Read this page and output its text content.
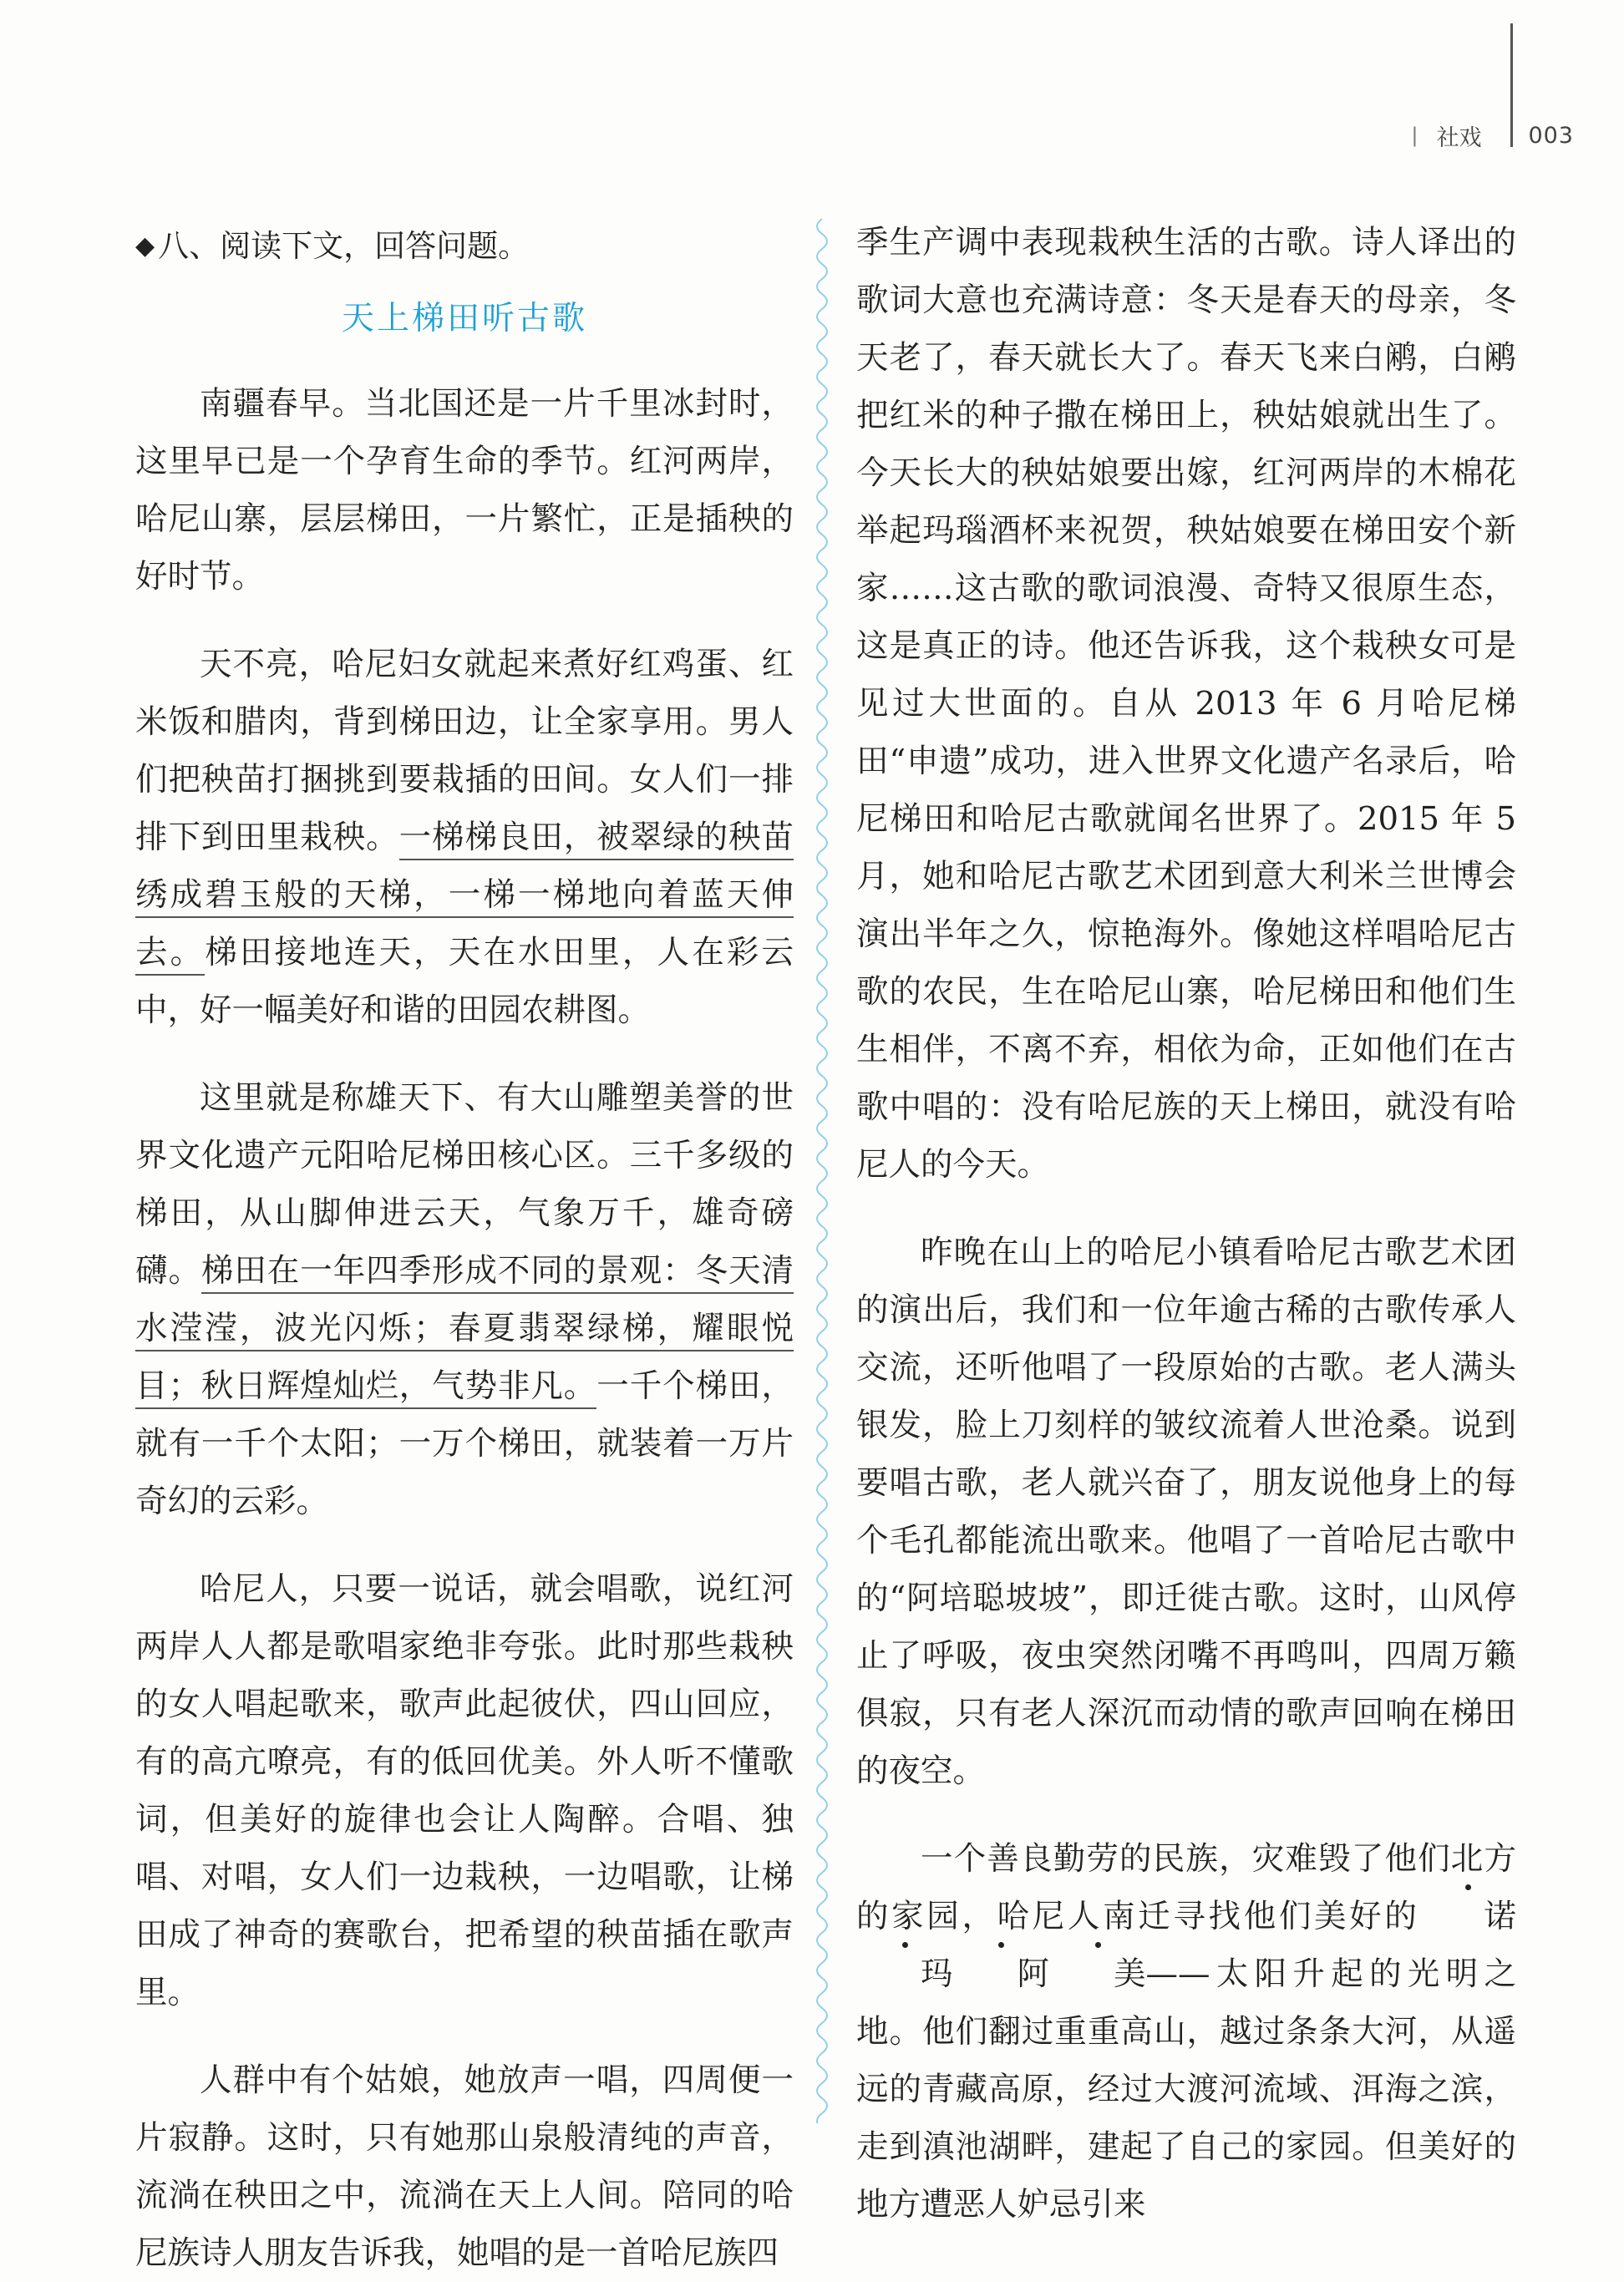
| 社戏 003
◆ 八、阅读下文，回答问题。
天上梯田听古歌

南疆春早。当北国还是一片千里冰封时，这里早已是一个孕育生命的季节。红河两岸，哈尼山寨，层层梯田，一片繁忙，正是插秧的好时节。

天不亮，哈尼妇女就起来煮好红鸡蛋、红米饭和腊肉，背到梯田边，让全家享用。男人们把秧苗打捆挑到要栽插的田间。女人们一排排下到田里栽秧。一梯梯良田，被翠绿的秧苗绣成碧玉般的天梯，一梯一梯地向着蓝天伸去。梯田接地连天，天在水田里，人在彩云中，好一幅美好和谐的田园农耕图。

这里就是称雄天下、有大山雕塑美誉的世界文化遗产元阳哈尼梯田核心区。三千多级的梯田，从山脚伸进云天，气象万千，雄奇磅礴。梯田在一年四季形成不同的景观：冬天清水滢滢，波光闪烁；春夏翡翠绿梯，耀眼悦目；秋日辉煌灿烂，气势非凡。一千个梯田，就有一千个太阳；一万个梯田，就装着一万片奇幻的云彩。

哈尼人，只要一说话，就会唱歌，说红河两岸人人都是歌唱家绝非夸张。此时那些栽秧的女人唱起歌来，歌声此起彼伏，四山回应，有的高亢嘹亮，有的低回优美。外人听不懂歌词，但美好的旋律也会让人陶醉。合唱、独唱、对唱，女人们一边栽秧，一边唱歌，让梯田成了神奇的赛歌台，把希望的秧苗插在歌声里。

人群中有个姑娘，她放声一唱，四周便一片寂静。这时，只有她那山泉般清纯的声音，流淌在秧田之中，流淌在天上人间。陪同的哈尼族诗人朋友告诉我，她唱的是一首哈尼族四

季生产调中表现栽秧生活的古歌。诗人译出的歌词大意也充满诗意：冬天是春天的母亲，冬天老了，春天就长大了。春天飞来白鹇，白鹇把红米的种子撒在梯田上，秧姑娘就出生了。今天长大的秧姑娘要出嫁，红河两岸的木棉花举起玛瑙酒杯来祝贺，秧姑娘要在梯田安个新家……这古歌的歌词浪漫、奇特又很原生态，这是真正的诗。他还告诉我，这个栽秧女可是见过大世面的。自从 2013 年 6 月哈尼梯田“申遗”成功，进入世界文化遗产名录后，哈尼梯田和哈尼古歌就闻名世界了。2015 年 5 月，她和哈尼古歌艺术团到意大利米兰世博会演出半年之久，惊艳海外。像她这样唱哈尼古歌的农民，生在哈尼山寨，哈尼梯田和他们生生相伴，不离不弃，相依为命，正如他们在古歌中唱的：没有哈尼族的天上梯田，就没有哈尼人的今天。

昨晚在山上的哈尼小镇看哈尼古歌艺术团的演出后，我们和一位年逾古稀的古歌传承人交流，还听他唱了一段原始的古歌。老人满头银发，脸上刀刻样的皱纹流着人世沧桑。说到要唱古歌，老人就兴奋了，朋友说他身上的每个毛孔都能流出歌来。他唱了一首哈尼古歌中的“阿培聪坡坡”，即迁徙古歌。这时，山风停止了呼吸，夜虫突然闭嘴不再鸣叫，四周万籁俱寂，只有老人深沉而动情的歌声回响在梯田的夜空。

一个善良勤劳的民族，灾难毁了他们北方的家园，哈尼人南迁寻找他们美好的 诺玛 阿 美——太阳升起的光明之地。他们翻过重重高山，越过条条大河，从遥远的青藏高原，经过大渡河流域、洱海之滨，走到滇池湖畔，建起了自己的家园。但美好的地方遭恶人妒忌引来
